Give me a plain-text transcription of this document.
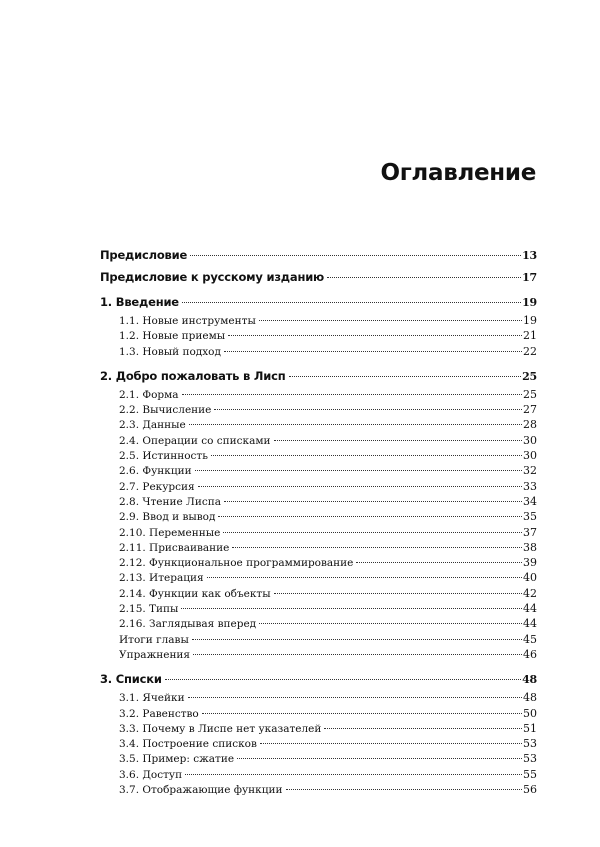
Оглавление
Предисловие	13
Предисловие к русскому изданию	17
1. Введение	19
1.1. Новые инструменты	19
1.2. Новые приемы	21
1.3. Новый подход	22
2. Добро пожаловать в Лисп	25
2.1. Форма	25
2.2. Вычисление	27
2.3. Данные	28
2.4. Операции со списками	30
2.5. Истинность	30
2.6. Функции	32
2.7. Рекурсия	33
2.8. Чтение Лиспа	34
2.9. Ввод и вывод	35
2.10. Переменные	37
2.11. Присваивание	38
2.12. Функциональное программирование	39
2.13. Итерация	40
2.14. Функции как объекты	42
2.15. Типы	44
2.16. Заглядывая вперед	44
Итоги главы	45
Упражнения	46
3. Списки	48
3.1. Ячейки	48
3.2. Равенство	50
3.3. Почему в Лиспе нет указателей	51
3.4. Построение списков	53
3.5. Пример: сжатие	53
3.6. Доступ	55
3.7. Отображающие функции	56
